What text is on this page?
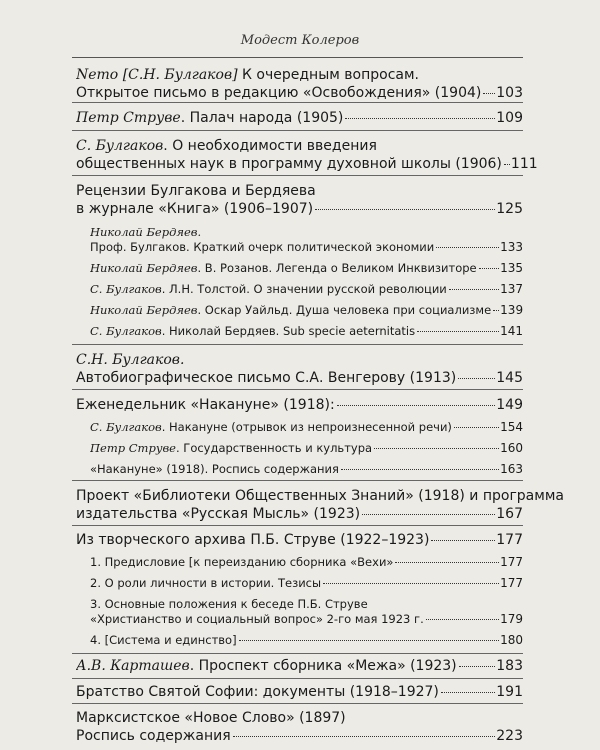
Модест Колеров
Nemo [С.Н. Булгаков] К очередным вопросам.
Открытое письмо в редакцию «Освобождения» (1904) 103
Петр Струве. Палач народа (1905)	109
С. Булгаков. О необходимости введения
общественных наук в программу духовной школы (1906) 111
Рецензии Булгакова и Бердяева
в журнале «Книга» (1906–1907)	125
Николай Бердяев.
Проф. Булгаков. Краткий очерк политической экономии	133
Николай Бердяев. В. Розанов. Легенда о Великом Инквизиторе 135
С. Булгаков. Л.Н. Толстой. О значении русской революции	137
Николай Бердяев. Оскар Уайльд. Душа человека при социализме 139
С. Булгаков. Николай Бердяев. Sub specie aeternitatis	141
С.Н. Булгаков.
Автобиографическое письмо С.А. Венгерову (1913)	145
Еженедельник «Накануне» (1918):	149
С. Булгаков. Накануне (отрывок из непроизнесенной речи)	154
Петр Струве. Государственность и культура	160
«Накануне» (1918). Роспись содержания	163
Проект «Библиотеки Общественных Знаний» (1918) и программа
издательства «Русская Мысль» (1923)	167
Из творческого архива П.Б. Струве (1922–1923)	177
1. Предисловие [к переизданию сборника «Вехи»	177
2. О роли личности в истории. Тезисы	177
3. Основные положения к беседе П.Б. Струве
«Христианство и социальный вопрос» 2-го мая 1923 г.	179
4. [Система и единство]	180
А.В. Карташев. Проспект сборника «Межа» (1923)	183
Братство Святой Софии: документы (1918–1927)	191
Марксистское «Новое Слово» (1897)
Роспись содержания	223
